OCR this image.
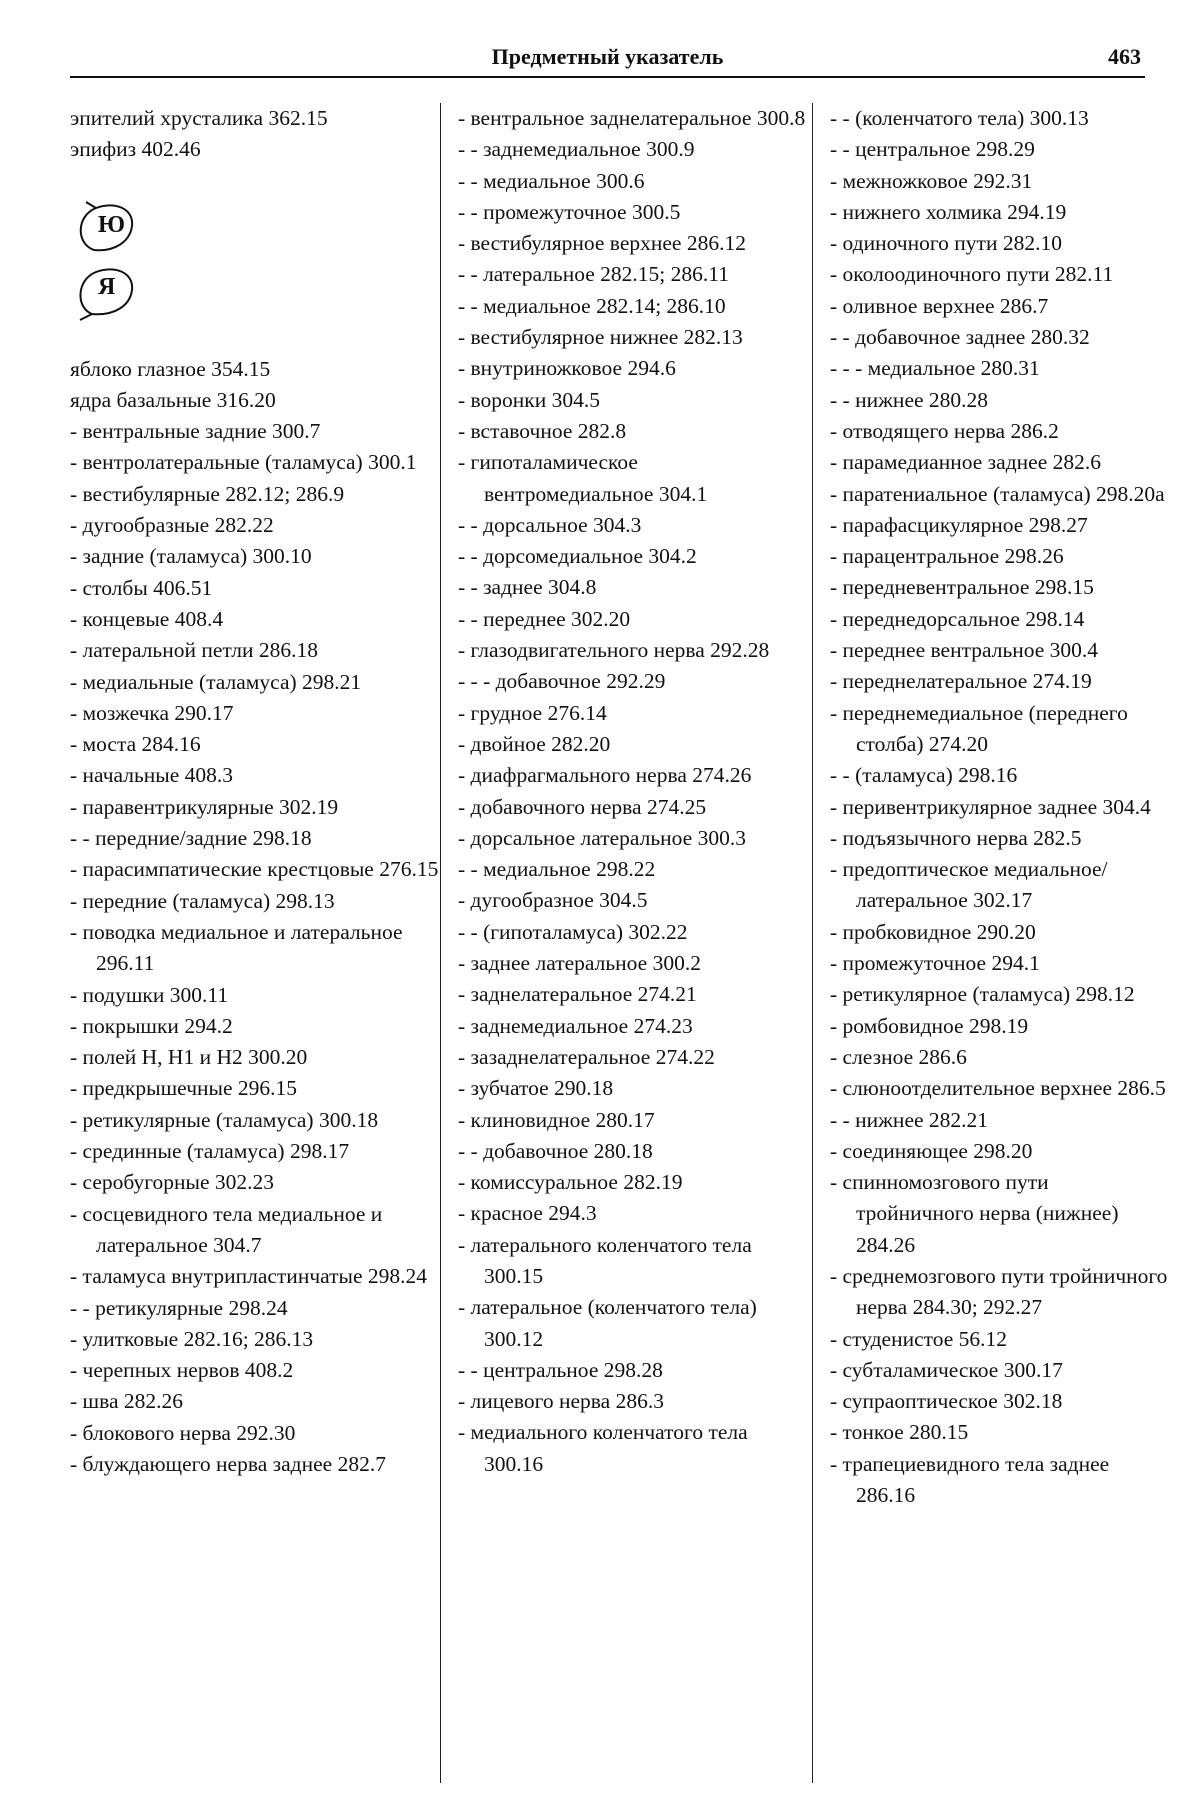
Предметный указатель	463
эпителий хрусталика 362.15
эпифиз 402.46
Ю
Я
яблоко глазное 354.15
ядра базальные 316.20
- вентральные задние 300.7
- вентролатеральные (таламуса) 300.1
- вестибулярные 282.12; 286.9
- дугообразные 282.22
- задние (таламуса) 300.10
- столбы 406.51
- концевые 408.4
- латеральной петли 286.18
- медиальные (таламуса) 298.21
- мозжечка 290.17
- моста 284.16
- начальные 408.3
- паравентрикулярные 302.19
- - передние/задние 298.18
- парасимпатические крестцовые 276.15
- передние (таламуса) 298.13
- поводка медиальное и латеральное 296.11
- подушки 300.11
- покрышки 294.2
- полей Н, Н1 и Н2 300.20
- предкрышечные 296.15
- ретикулярные (таламуса) 300.18
- срединные (таламуса) 298.17
- серобугорные 302.23
- сосцевидного тела медиальное и латеральное 304.7
- таламуса внутрипластинчатые 298.24
- - ретикулярные 298.24
- улитковые 282.16; 286.13
- черепных нервов 408.2
- шва 282.26
- блокового нерва 292.30
- блуждающего нерва заднее 282.7
- вентральное заднелатеральное 300.8
- - заднемедиальное 300.9
- - медиальное 300.6
- - промежуточное 300.5
- вестибулярное верхнее 286.12
- - латеральное 282.15; 286.11
- - медиальное 282.14; 286.10
- вестибулярное нижнее 282.13
- внутриножковое 294.6
- воронки 304.5
- вставочное 282.8
- гипоталамическое вентромедиальное 304.1
- - дорсальное 304.3
- - дорсомедиальное 304.2
- - заднее 304.8
- - переднее 302.20
- глазодвигательного нерва 292.28
- - - добавочное 292.29
- грудное 276.14
- двойное 282.20
- диафрагмального нерва 274.26
- добавочного нерва 274.25
- дорсальное латеральное 300.3
- - медиальное 298.22
- дугообразное 304.5
- - (гипоталамуса) 302.22
- заднее латеральное 300.2
- заднелатеральное 274.21
- заднемедиальное 274.23
- зазаднелатеральное 274.22
- зубчатое 290.18
- клиновидное 280.17
- - добавочное 280.18
- комиссуральное 282.19
- красное 294.3
- латерального коленчатого тела 300.15
- латеральное (коленчатого тела) 300.12
- - центральное 298.28
- лицевого нерва 286.3
- медиального коленчатого тела 300.16
- - (коленчатого тела) 300.13
- - центральное 298.29
- межножковое 292.31
- нижнего холмика 294.19
- одиночного пути 282.10
- околоодиночного пути 282.11
- оливное верхнее 286.7
- - добавочное заднее 280.32
- - - медиальное 280.31
- - нижнее 280.28
- отводящего нерва 286.2
- парамедианное заднее 282.6
- паратениальное (таламуса) 298.20а
- парафасцикулярное 298.27
- парацентральное 298.26
- передневентральное 298.15
- переднедорсальное 298.14
- переднее вентральное 300.4
- переднелатеральное 274.19
- переднемедиальное (переднего столба) 274.20
- - (таламуса) 298.16
- перивентрикулярное заднее 304.4
- подъязычного нерва 282.5
- предоптическое медиальное/латеральное 302.17
- пробковидное 290.20
- промежуточное 294.1
- ретикулярное (таламуса) 298.12
- ромбовидное 298.19
- слезное 286.6
- слюноотделительное верхнее 286.5
- - нижнее 282.21
- соединяющее 298.20
- спинномозгового пути тройничного нерва (нижнее) 284.26
- среднемозгового пути тройничного нерва 284.30; 292.27
- студенистое 56.12
- субталамическое 300.17
- супраоптическое 302.18
- тонкое 280.15
- трапециевидного тела заднее 286.16
